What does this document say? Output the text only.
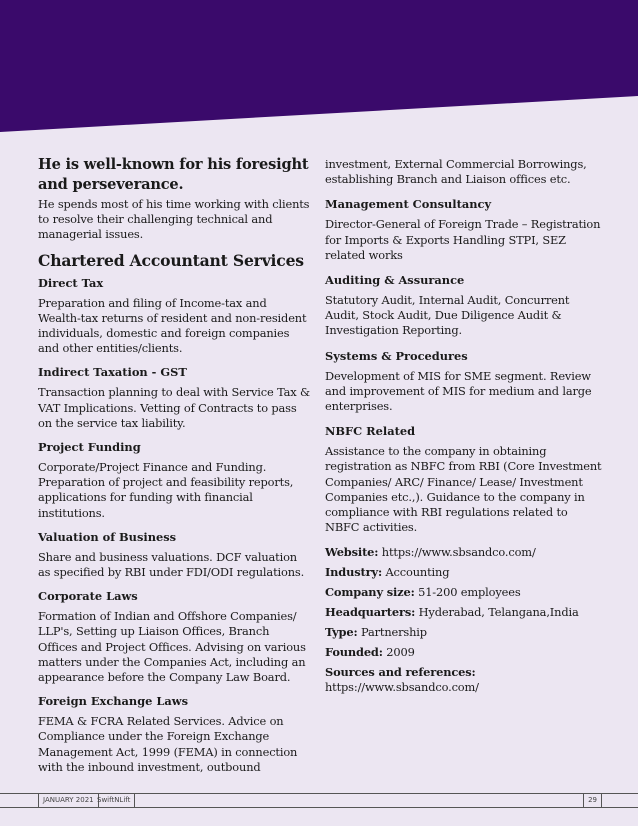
He is well-known for his foresight and perseverance.

He spends most of his time working with clients to resolve their challenging technical and managerial issues.

Chartered Accountant Services
Direct Tax

Preparation and filing of Income-tax and Wealth-tax returns of resident and non-resident individuals, domestic and foreign companies and other entities/clients.

Indirect Taxation - GST

Transaction planning to deal with Service Tax & VAT Implications. Vetting of Contracts to pass on the service tax liability.

Project Funding

Corporate/Project Finance and Funding. Preparation of project and feasibility reports, applications for funding with financial institutions.

Valuation of Business

Share and business valuations. DCF valuation as specified by RBI under FDI/ODI regulations.

Corporate Laws

Formation of Indian and Offshore Companies/ LLP's, Setting up Liaison Offices, Branch Offices and Project Offices. Advising on various matters under the Companies Act, including an appearance before the Company Law Board.

Foreign Exchange Laws

FEMA & FCRA Related Services. Advice on Compliance under the Foreign Exchange Management Act, 1999 (FEMA) in connection with the inbound investment, outbound

investment, External Commercial Borrowings, establishing Branch and Liaison offices etc.

Management Consultancy

Director-General of Foreign Trade – Registration for Imports & Exports Handling STPI, SEZ related works

Auditing & Assurance

Statutory Audit, Internal Audit, Concurrent Audit, Stock Audit, Due Diligence Audit & Investigation Reporting.

Systems & Procedures

Development of MIS for SME segment. Review and improvement of MIS for medium and large enterprises.

NBFC Related

Assistance to the company in obtaining registration as NBFC from RBI (Core Investment Companies/ ARC/ Finance/ Lease/ Investment Companies etc.,). Guidance to the company in compliance with RBI regulations related to NBFC activities.

Website: https://www.sbsandco.com/
Industry: Accounting
Company size: 51-200 employees
Headquarters: Hyderabad, Telangana,India
Type: Partnership
Founded: 2009
Sources and references:
https://www.sbsandco.com/
JANUARY 2021 SwiftNLift	29
